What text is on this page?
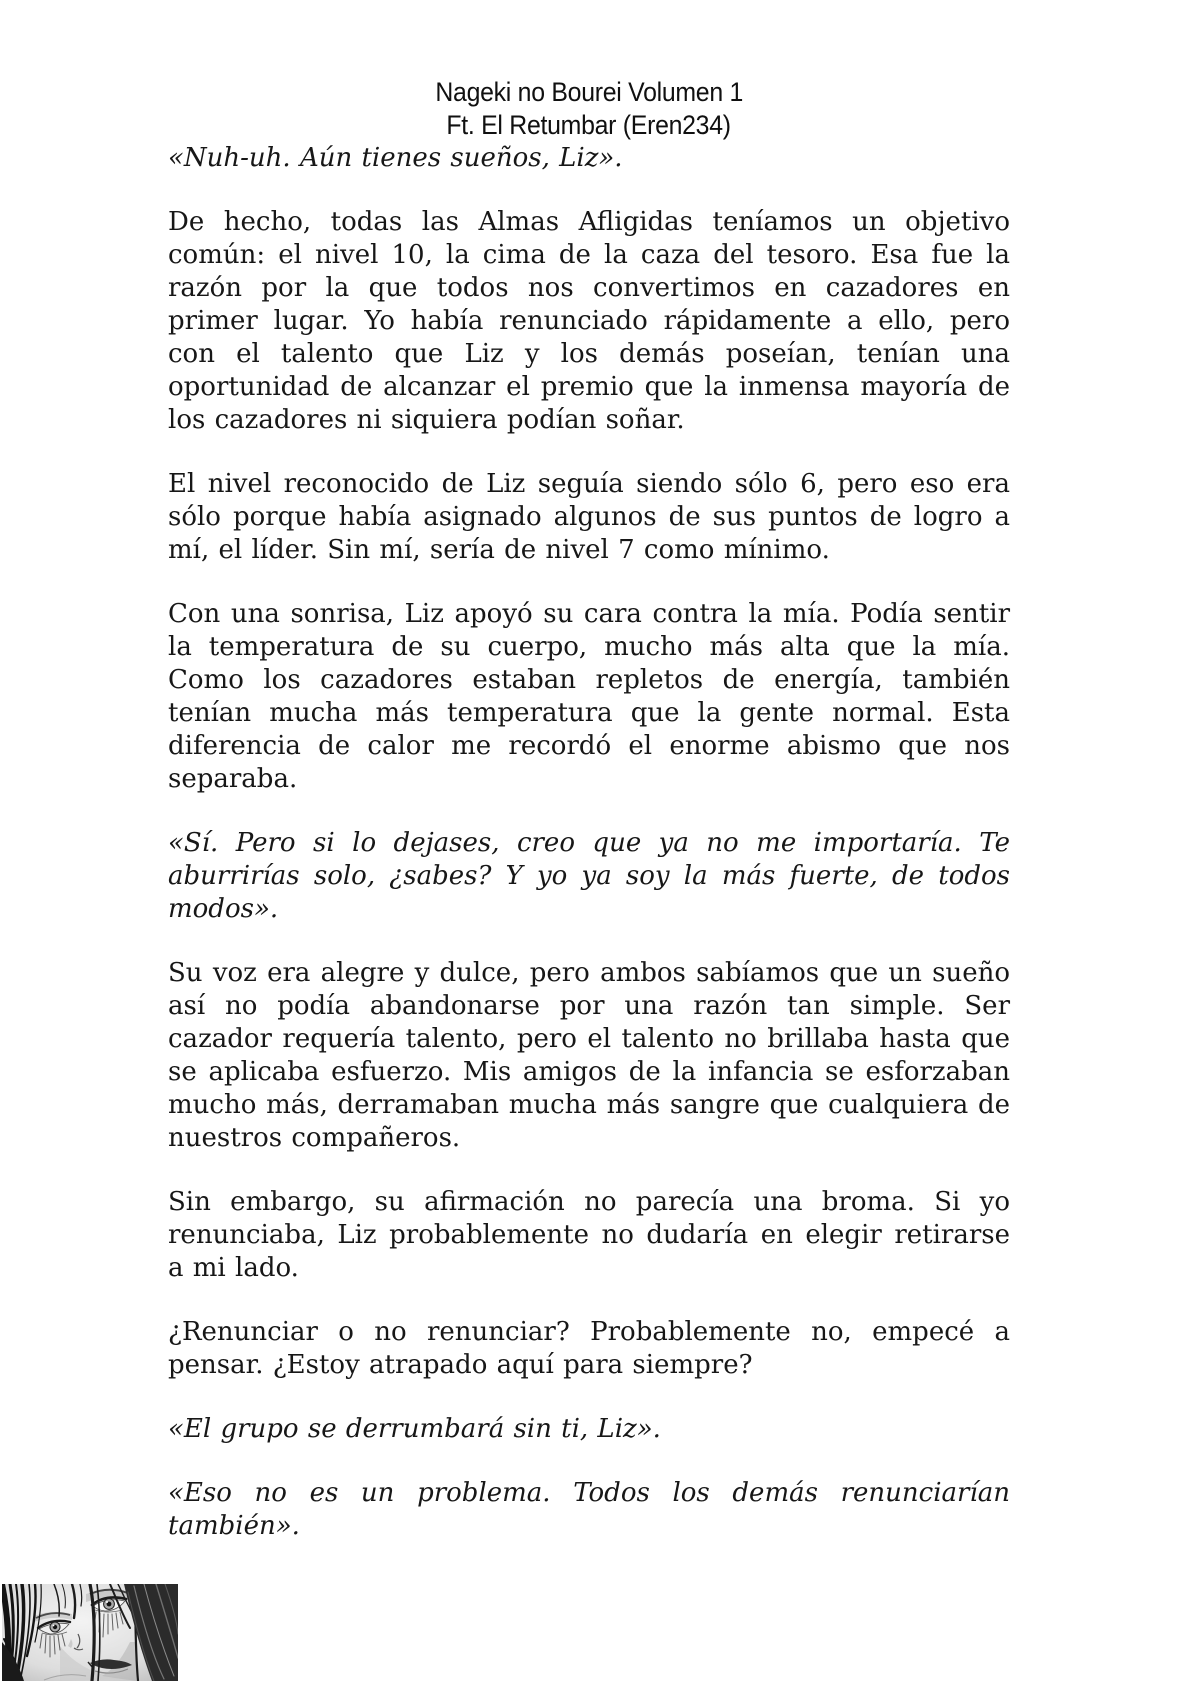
Nageki no Bourei Volumen 1
Ft. El Retumbar (Eren234)

«Nuh-uh. Aún tienes sueños, Liz».

De hecho, todas las Almas Afligidas teníamos un objetivo común: el nivel 10, la cima de la caza del tesoro. Esa fue la razón por la que todos nos convertimos en cazadores en primer lugar. Yo había renunciado rápidamente a ello, pero con el talento que Liz y los demás poseían, tenían una oportunidad de alcanzar el premio que la inmensa mayoría de los cazadores ni siquiera podían soñar.

El nivel reconocido de Liz seguía siendo sólo 6, pero eso era sólo porque había asignado algunos de sus puntos de logro a mí, el líder. Sin mí, sería de nivel 7 como mínimo.

Con una sonrisa, Liz apoyó su cara contra la mía. Podía sentir la temperatura de su cuerpo, mucho más alta que la mía. Como los cazadores estaban repletos de energía, también tenían mucha más temperatura que la gente normal. Esta diferencia de calor me recordó el enorme abismo que nos separaba.

«Sí. Pero si lo dejases, creo que ya no me importaría. Te aburrirías solo, ¿sabes? Y yo ya soy la más fuerte, de todos modos».

Su voz era alegre y dulce, pero ambos sabíamos que un sueño así no podía abandonarse por una razón tan simple. Ser cazador requería talento, pero el talento no brillaba hasta que se aplicaba esfuerzo. Mis amigos de la infancia se esforzaban mucho más, derramaban mucha más sangre que cualquiera de nuestros compañeros.

Sin embargo, su afirmación no parecía una broma. Si yo renunciaba, Liz probablemente no dudaría en elegir retirarse a mi lado.

¿Renunciar o no renunciar? Probablemente no, empecé a pensar. ¿Estoy atrapado aquí para siempre?

«El grupo se derrumbará sin ti, Liz».

«Eso no es un problema. Todos los demás renunciarían también».
